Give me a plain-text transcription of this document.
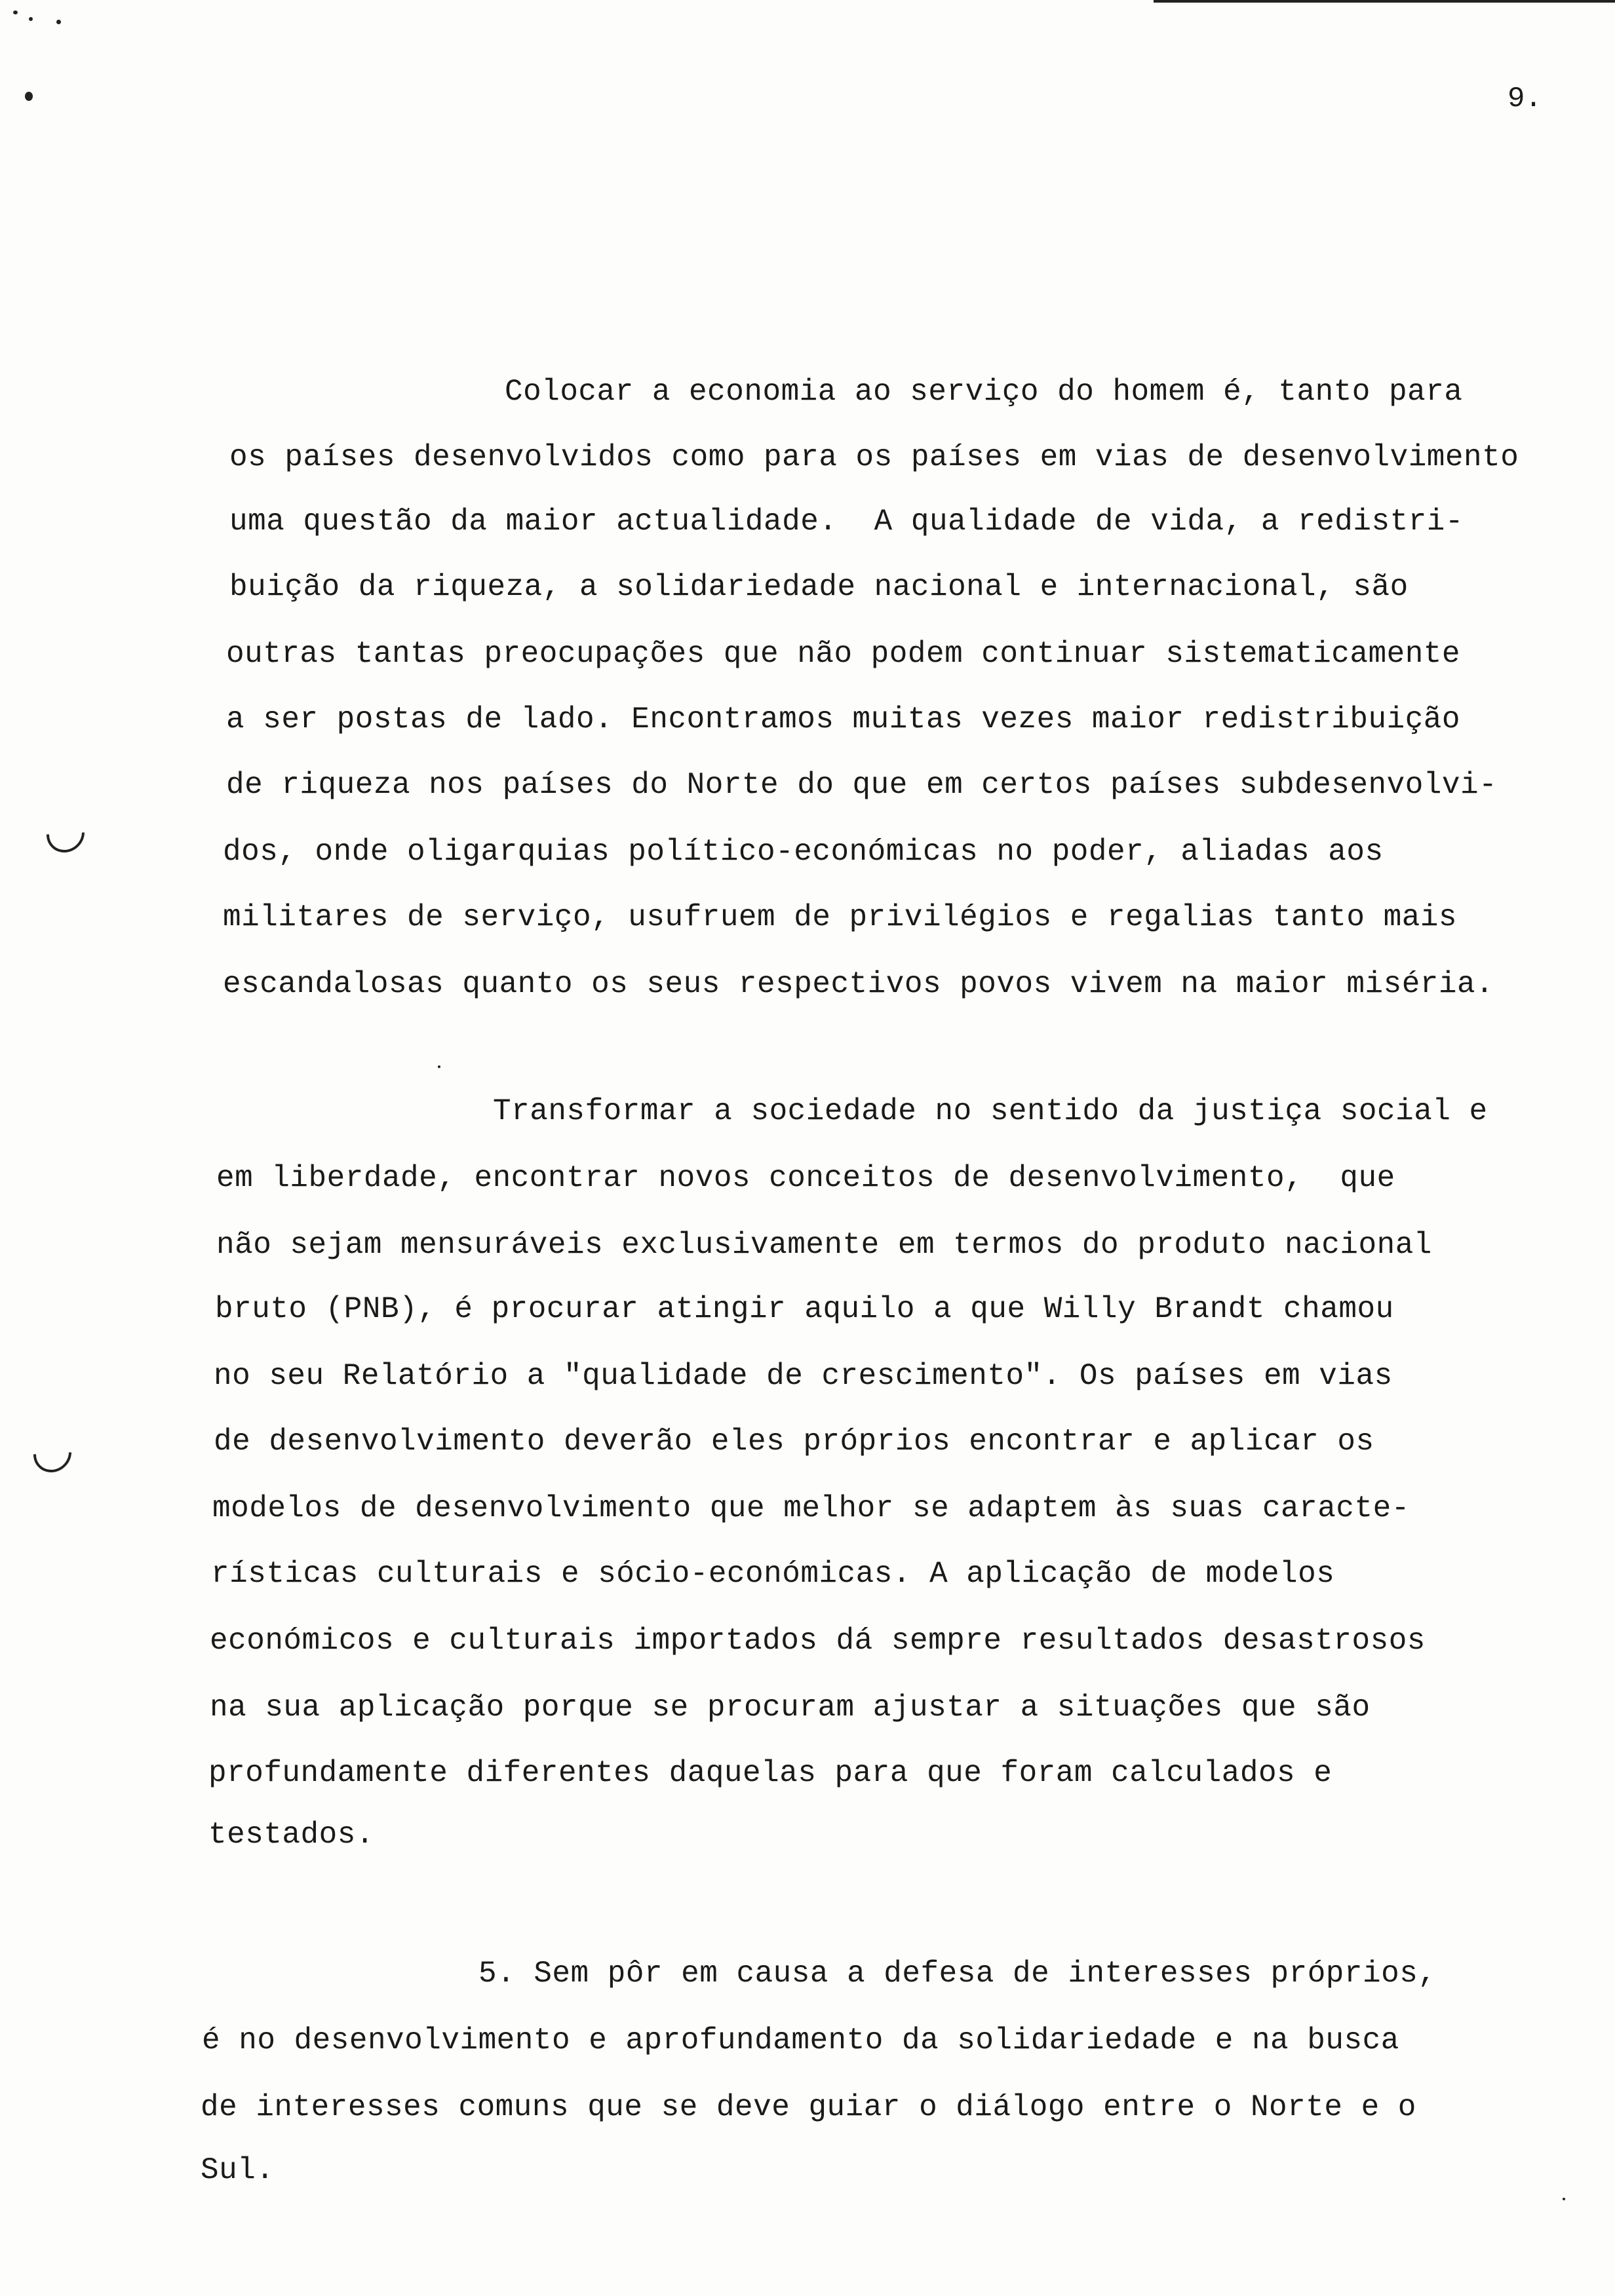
9.
Colocar a economia ao serviço do homem é, tanto para
os países desenvolvidos como para os países em vias de desenvolvimento
uma questão da maior actualidade.  A qualidade de vida, a redistri-
buição da riqueza, a solidariedade nacional e internacional, são
outras tantas preocupações que não podem continuar sistematicamente
a ser postas de lado. Encontramos muitas vezes maior redistribuição
de riqueza nos países do Norte do que em certos países subdesenvolvi-
dos, onde oligarquias político-económicas no poder, aliadas aos
militares de serviço, usufruem de privilégios e regalias tanto mais
escandalosas quanto os seus respectivos povos vivem na maior miséria.
Transformar a sociedade no sentido da justiça social e
em liberdade, encontrar novos conceitos de desenvolvimento,  que
não sejam mensuráveis exclusivamente em termos do produto nacional
bruto (PNB), é procurar atingir aquilo a que Willy Brandt chamou
no seu Relatório a "qualidade de crescimento". Os países em vias
de desenvolvimento deverão eles próprios encontrar e aplicar os
modelos de desenvolvimento que melhor se adaptem às suas caracte-
rísticas culturais e sócio-económicas. A aplicação de modelos
económicos e culturais importados dá sempre resultados desastrosos
na sua aplicação porque se procuram ajustar a situações que são
profundamente diferentes daquelas para que foram calculados e
testados.
5. Sem pôr em causa a defesa de interesses próprios,
é no desenvolvimento e aprofundamento da solidariedade e na busca
de interesses comuns que se deve guiar o diálogo entre o Norte e o
Sul.
